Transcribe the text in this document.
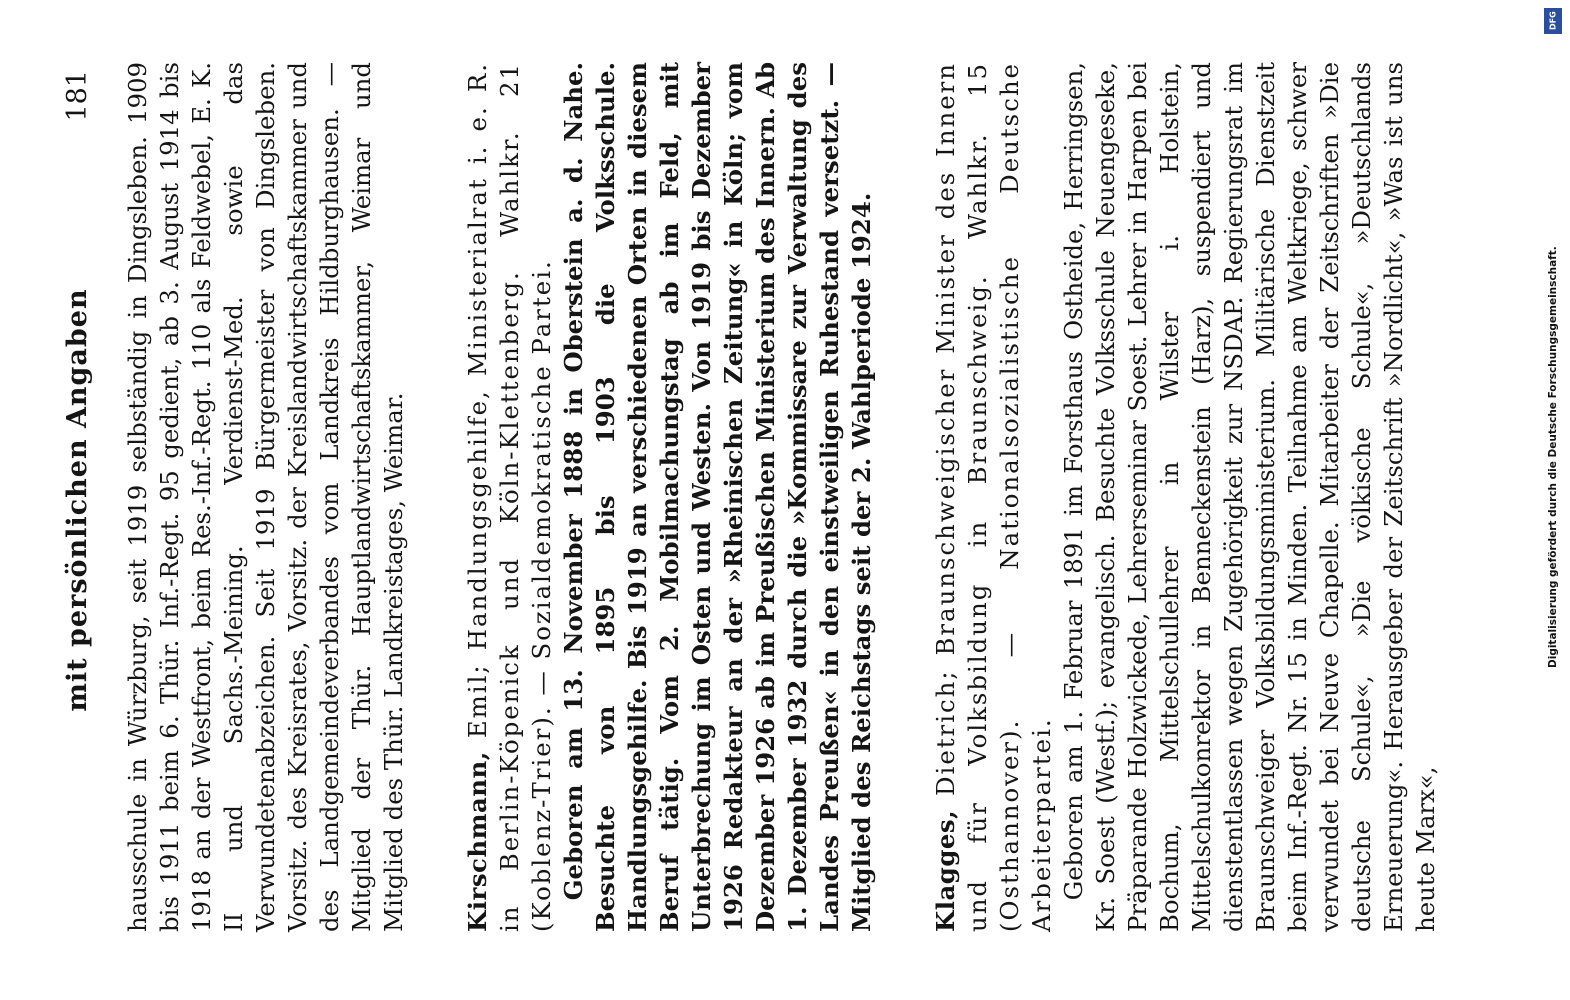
mit persönlichen Angaben
181 hausschule in Würzburg, seit 1919 selbständig in Dingsleben. 1909 bis 1911 beim 6. Thür. Inf.-Regt. 95 gedient, ab 3. August 1914 bis 1918 an der Westfront, beim Res.-Inf.-Regt. 110 als Feldwebel, E. K. II und Sachs.-Meining. Verdienst-Med. sowie das Verwundetenabzeichen. Seit 1919 Bürgermeister von Dingsleben. Vorsitz. des Kreisrates, Vorsitz. der Kreislandwirtschaftskammer und des Landgemeindeverbandes vom Landkreis Hildburghausen. — Mitglied der Thür. Hauptlandwirtschaftskammer, Weimar und Mitglied des Thür. Landkreistages, Weimar. Kirschmann, Emil; Handlungsgehilfe, Ministerialrat i. e. R. in Berlin-Köpenick und Köln-Klettenberg. Wahlkr. 21 (Koblenz-Trier). — Sozialdemokratische Partei. Geboren am 13. November 1888 in Oberstein a. d. Nahe. Besuchte von 1895 bis 1903 die Volksschule. Handlungsgehilfe. Bis 1919 an verschiedenen Orten in diesem Beruf tätig. Vom 2. Mobilmachungstag ab im Feld, mit Unterbrechung im Osten und Westen. Von 1919 bis Dezember 1926 Redakteur an der »Rheinischen Zeitung« in Köln; vom Dezember 1926 ab im Preußischen Ministerium des Innern. Ab 1. Dezember 1932 durch die »Kommissare zur Verwaltung des Landes Preußen« in den einstweiligen Ruhestand versetzt. — Mitglied des Reichstags seit der 2. Wahlperiode 1924. Klagges, Dietrich; Braunschweigischer Minister des Innern und für Volksbildung in Braunschweig. Wahlkr. 15 (Osthannover). — Nationalsozialistische Deutsche Arbeiterpartei. Geboren am 1. Februar 1891 im Forsthaus Ostheide, Herringsen, Kr. Soest (Westf.); evangelisch. Besuchte Volksschule Neuengeseke, Präparande Holzwickede, Lehrerseminar Soest. Lehrer in Harpen bei Bochum, Mittelschullehrer in Wilster i. Holstein, Mittelschulkonrektor in Benneckenstein (Harz), suspendiert und dienstentlassen wegen Zugehörigkeit zur NSDAP. Regierungsrat im Braunschweiger Volksbildungsministerium. Militärische Dienstzeit beim Inf.-Regt. Nr. 15 in Minden. Teilnahme am Weltkriege, schwer verwundet bei Neuve Chapelle. Mitarbeiter der Zeitschriften »Die deutsche Schule«, »Die völkische Schule«, »Deutschlands Erneuerung«. Herausgeber der Zeitschrift »Nordlicht«, »Was ist uns heute Marx«,

DFG
Digitalisierung gefördert durch die Deutsche Forschungsgemeinschaft.
